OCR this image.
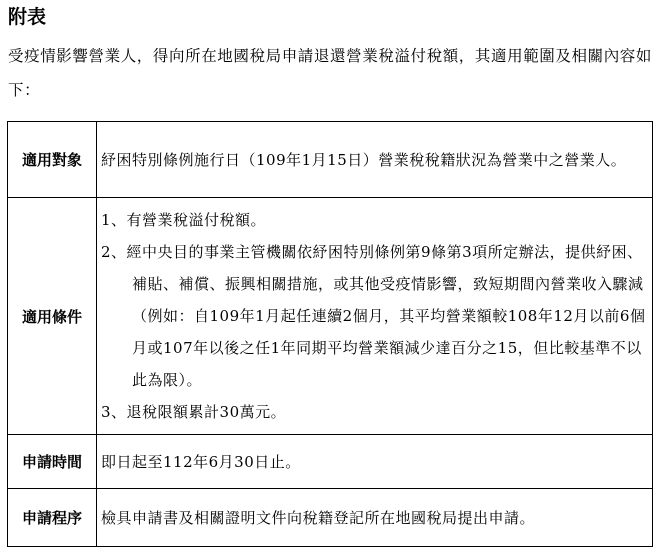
附表

受疫情影響營業人，得向所在地國稅局申請退還營業稅溢付稅額，其適用範圍及相關內容如下：

適用對象	紓困特別條例施行日（109年1月15日）營業稅稅籍狀況為營業中之營業人。
適用條件	1、有營業稅溢付稅額。
2、經中央目的事業主管機關依紓困特別條例第9條第3項所定辦法，提供紓困、補貼、補償、振興相關措施，或其他受疫情影響，致短期間內營業收入驟減（例如：自109年1月起任連續2個月，其平均營業額較108年12月以前6個月或107年以後之任1年同期平均營業額減少達百分之15，但比較基準不以此為限）。
3、退稅限額累計30萬元。

申請時間	即日起至112年6月30日止。
申請程序	檢具申請書及相關證明文件向稅籍登記所在地國稅局提出申請。
